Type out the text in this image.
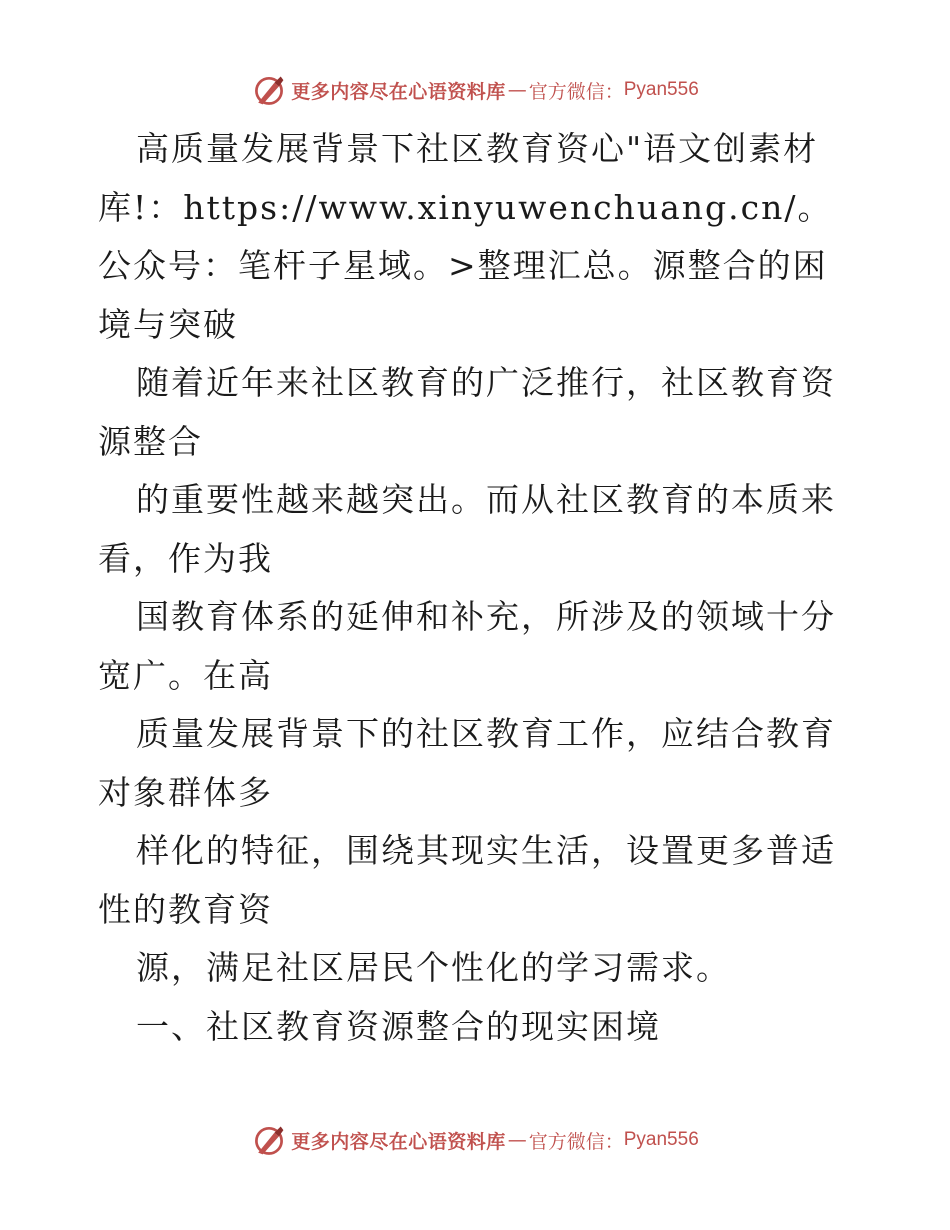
更多内容尽在心语资料库 — 官方微信： Pyan556

高质量发展背景下社区教育资心"语文创素材库!：https://www.xinyuwenchuang.cn/。公众号：笔杆子星域。>整理汇总。源整合的困境与突破

随着近年来社区教育的广泛推行，社区教育资源整合

的重要性越来越突出。而从社区教育的本质来看，作为我

国教育体系的延伸和补充，所涉及的领域十分宽广。在高

质量发展背景下的社区教育工作，应结合教育对象群体多

样化的特征，围绕其现实生活，设置更多普适性的教育资

源，满足社区居民个性化的学习需求。

一、社区教育资源整合的现实困境

更多内容尽在心语资料库 — 官方微信： Pyan556
